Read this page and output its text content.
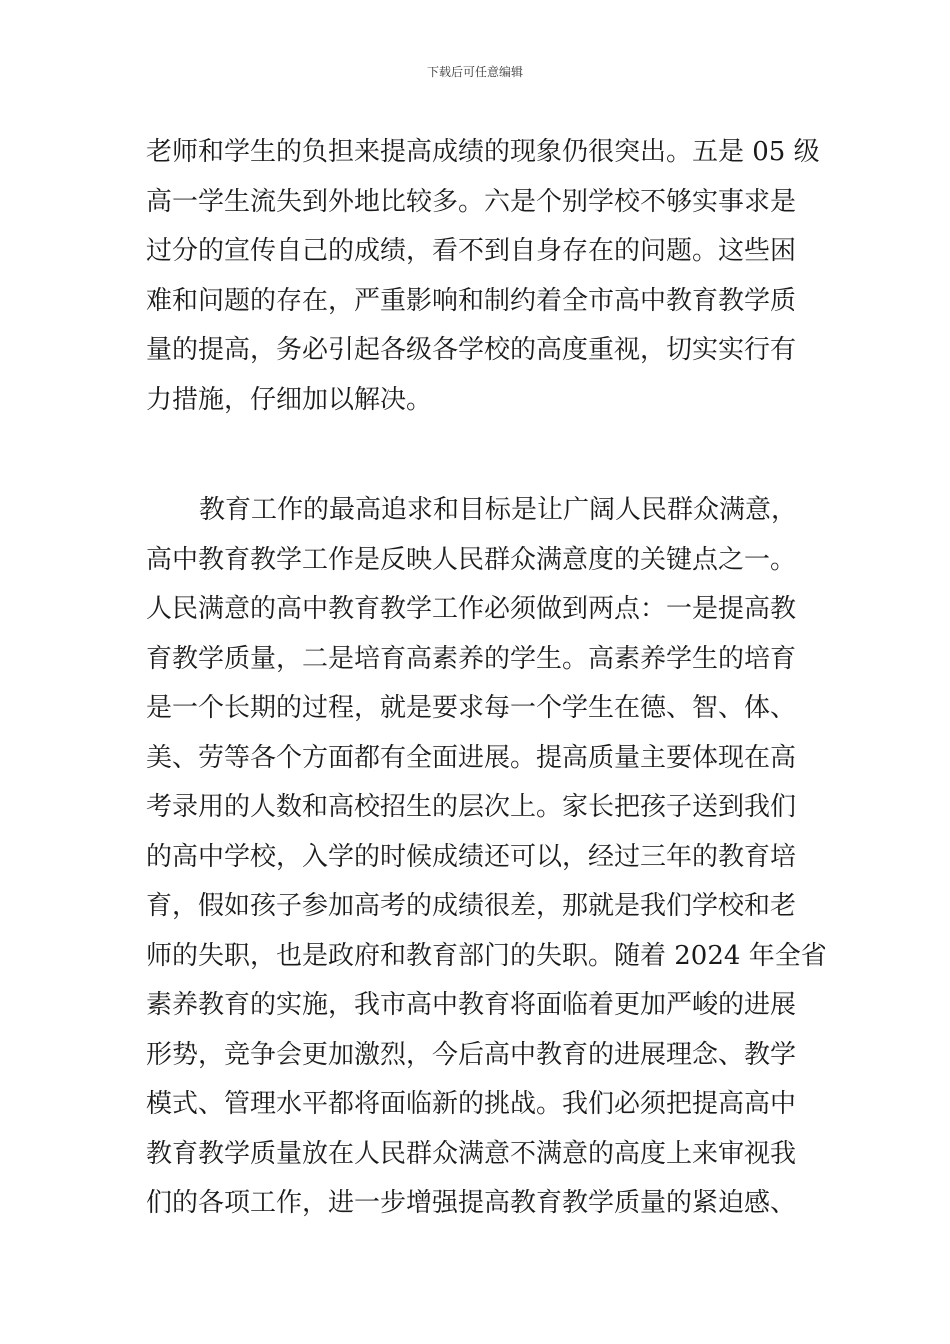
下载后可任意编辑
老师和学生的负担来提高成绩的现象仍很突出。五是 05 级
高一学生流失到外地比较多。六是个别学校不够实事求是
过分的宣传自己的成绩，看不到自身存在的问题。这些困
难和问题的存在，严重影响和制约着全市高中教育教学质
量的提高，务必引起各级各学校的高度重视，切实实行有
力措施，仔细加以解决。
教育工作的最高追求和目标是让广阔人民群众满意，
高中教育教学工作是反映人民群众满意度的关键点之一。
人民满意的高中教育教学工作必须做到两点：一是提高教
育教学质量，二是培育高素养的学生。高素养学生的培育
是一个长期的过程，就是要求每一个学生在德、智、体、
美、劳等各个方面都有全面进展。提高质量主要体现在高
考录用的人数和高校招生的层次上。家长把孩子送到我们
的高中学校，入学的时候成绩还可以，经过三年的教育培
育，假如孩子参加高考的成绩很差，那就是我们学校和老
师的失职，也是政府和教育部门的失职。随着 2024 年全省
素养教育的实施，我市高中教育将面临着更加严峻的进展
形势，竞争会更加激烈，今后高中教育的进展理念、教学
模式、管理水平都将面临新的挑战。我们必须把提高高中
教育教学质量放在人民群众满意不满意的高度上来审视我
们的各项工作，进一步增强提高教育教学质量的紧迫感、
